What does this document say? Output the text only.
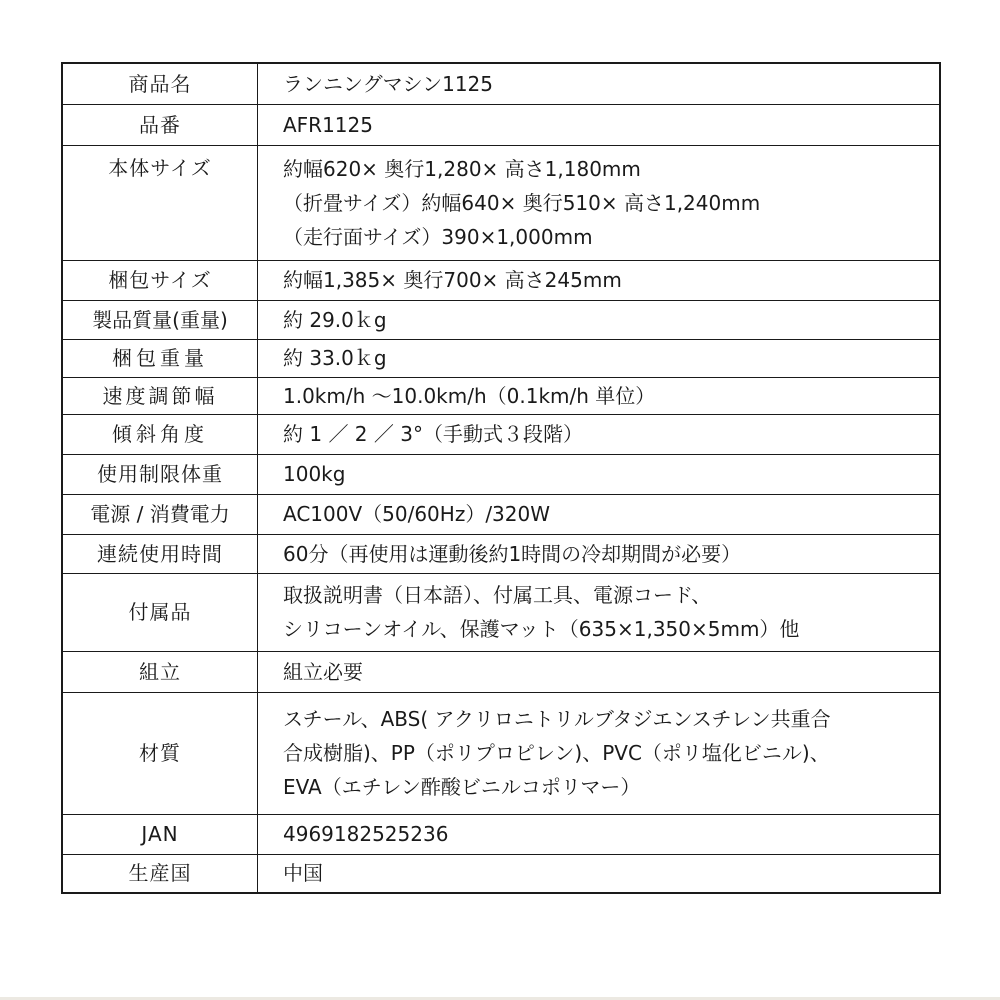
商品名	ランニングマシン1125

品番	AFR1125

本体サイズ	約幅620× 奥行1,280× 高さ1,180mm
（折畳サイズ）約幅640× 奥行510× 高さ1,240mm
（走行面サイズ）390×1,000mm

梱包サイズ	約幅1,385× 奥行700× 高さ245mm

製品質量(重量)	約 29.0ｋg

梱包重量	約 33.0ｋg

速度調節幅	1.0km/h ～10.0km/h（0.1km/h 単位）

傾斜角度	約 1 ／ 2 ／ 3°（手動式３段階）

使用制限体重	100kg

電源 / 消費電力	AC100V（50/60Hz）/320W

連続使用時間	60分（再使用は運動後約1時間の冷却期間が必要）

付属品	取扱説明書（日本語）、付属工具、電源コード、
シリコーンオイル、保護マット（635×1,350×5mm）他

組立	組立必要

材質	スチール、ABS( アクリロニトリルブタジエンスチレン共重合
合成樹脂)、PP（ポリプロピレン)、PVC（ポリ塩化ビニル)、
EVA（エチレン酢酸ビニルコポリマー）

JAN	4969182525236

生産国	中国
